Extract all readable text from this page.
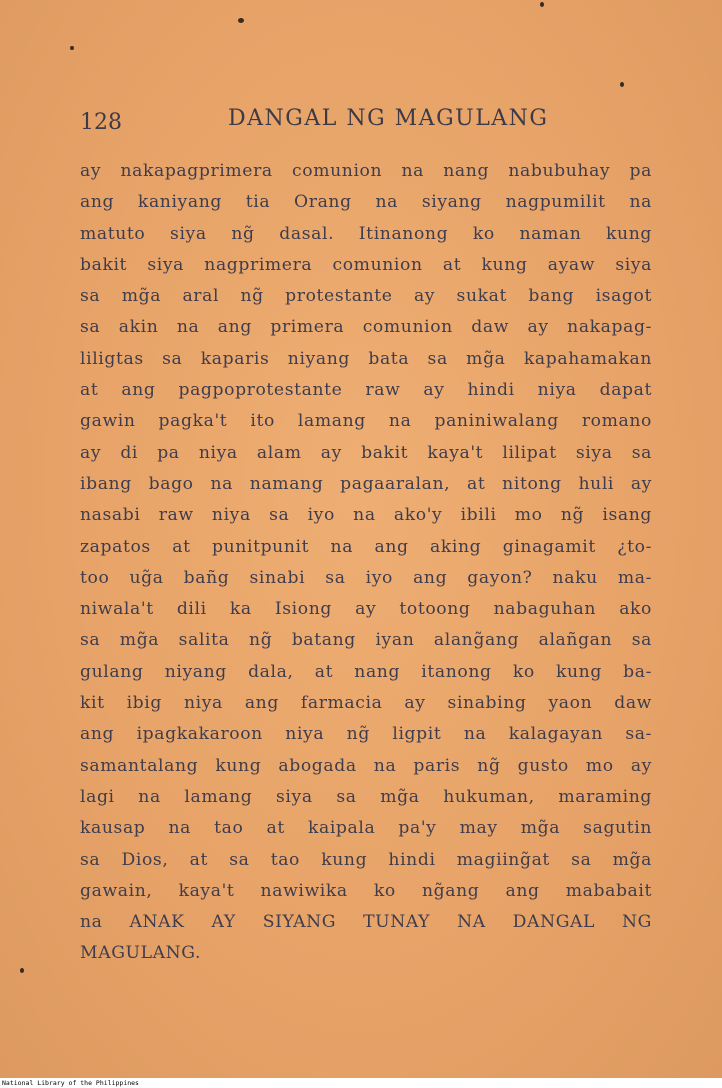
128	DANGAL NG MAGULANG
ay nakapagprimera comunion na nang nabubuhay pa
ang kaniyang tia Orang na siyang nagpumilit na
matuto siya ng̃ dasal. Itinanong ko naman kung
bakit siya nagprimera comunion at kung ayaw siya
sa mg̃a aral ng̃ protestante ay sukat bang isagot
sa akin na ang primera comunion daw ay nakapag-
liligtas sa kaparis niyang bata sa mg̃a kapahamakan
at ang pagpoprotestante raw ay hindi niya dapat
gawin pagka't ito lamang na paniniwalang romano
ay di pa niya alam ay bakit kaya't lilipat siya sa
ibang bago na namang pagaaralan, at nitong huli ay
nasabi raw niya sa iyo na ako'y ibili mo ng̃ isang
zapatos at punitpunit na ang aking ginagamit ¿to-
too ug̃a bañg sinabi sa iyo ang gayon? naku ma-
niwala't dili ka Isiong ay totoong nabaguhan ako
sa mg̃a salita ng̃ batang iyan alang̃ang alañgan sa
gulang niyang dala, at nang itanong ko kung ba-
kit ibig niya ang farmacia ay sinabing yaon daw
ang ipagkakaroon niya ng̃ ligpit na kalagayan sa-
samantalang kung abogada na paris ng̃ gusto mo ay
lagi na lamang siya sa mg̃a hukuman, maraming
kausap na tao at kaipala pa'y may mg̃a sagutin
sa Dios, at sa tao kung hindi magiing̃at sa mg̃a
gawain, kaya't nawiwika ko ng̃ang ang mababait
na ANAK AY SIYANG TUNAY NA DANGAL NG
MAGULANG.
National Library of the Philippines
